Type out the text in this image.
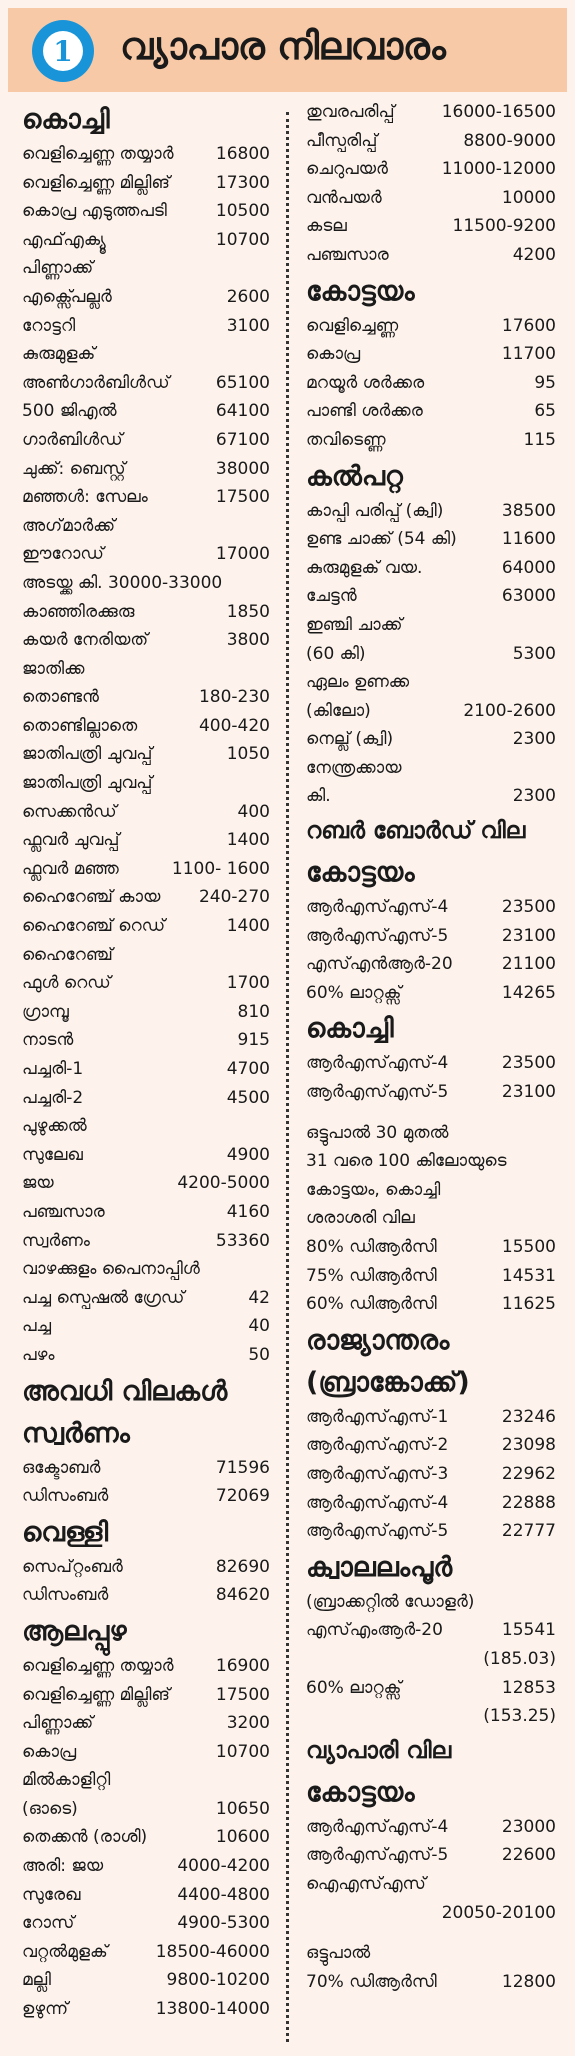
1 വ്യാപാര നിലവാരം
കൊച്ചി
വെളിച്ചെണ്ണ തയ്യാർ	16800
വെളിച്ചെണ്ണ മില്ലിങ്	17300
കൊപ്ര എടുത്തപടി	10500
എഫ്എക്യൂ	10700
പിണ്ണാക്ക്
എക്സ്പെല്ലർ	2600
റോട്ടറി	3100
കുരുമുളക്
അൺഗാർബിൾഡ്	65100
500 ജിഎൽ	64100
ഗാർബിൾഡ്	67100
ചുക്ക്: ബെസ്റ്റ്	38000
മഞ്ഞൾ: സേലം	17500
അഗ്‌മാർക്ക്
ഈറോഡ്	17000
അടയ്ക്ക കി. 30000-33000
കാഞ്ഞിരക്കുരു	1850
കയർ നേരിയത്	3800
ജാതിക്ക
തൊണ്ടൻ	180-230
തൊണ്ടില്ലാതെ	400-420
ജാതിപത്രി ചുവപ്പ്	1050
ജാതിപത്രി ചുവപ്പ്
സെക്കൻഡ്	400
ഫ്ലവർ ചുവപ്പ്	1400
ഫ്ലവർ മഞ്ഞ	1100- 1600
ഹൈറേഞ്ച് കായ	240-270
ഹൈറേഞ്ച് റെഡ്	1400
ഹൈറേഞ്ച്
ഫുൾ റെഡ്	1700
ഗ്രാമ്പൂ	810
നാടൻ	915
പച്ചരി-1	4700
പച്ചരി-2	4500
പുഴുക്കൽ
സുലേഖ	4900
ജയ	4200-5000
പഞ്ചസാര	4160
സ്വർണം	53360
വാഴക്കുളം പൈനാപ്പിൾ
പച്ച സ്പെഷൽ ഗ്രേഡ്	42
പച്ച	40
പഴം	50
അവധി വിലകൾ
സ്വർണം
ഒക്ടോബർ	71596
ഡിസംബർ	72069
വെള്ളി
സെപ്റ്റംബർ	82690
ഡിസംബർ	84620
ആലപ്പുഴ
വെളിച്ചെണ്ണ തയ്യാർ	16900
വെളിച്ചെണ്ണ മില്ലിങ്	17500
പിണ്ണാക്ക്	3200
കൊപ്ര	10700
മിൽകാളിറ്റി
(ഓടെ)	10650
തെക്കൻ (രാശി)	10600
അരി: ജയ	4000-4200
സുരേഖ	4400-4800
റോസ്	4900-5300
വറ്റൽമുളക്	18500-46000
മല്ലി	9800-10200
ഉഴുന്ന്	13800-14000
തുവരപരിപ്പ്	16000-16500
പീസ്പരിപ്പ്	8800-9000
ചെറുപയർ	11000-12000
വൻപയർ	10000
കടല	11500-9200
പഞ്ചസാര	4200
കോട്ടയം
വെളിച്ചെണ്ണ	17600
കൊപ്ര	11700
മറയൂർ ശർക്കര	95
പാണ്ടി ശർക്കര	65
തവിടെണ്ണ	115
കൽപറ്റ
കാപ്പി പരിപ്പ് (ക്വി)	38500
ഉണ്ട ചാക്ക് (54 കി)	11600
കുരുമുളക് വയ.	64000
ചേട്ടൻ	63000
ഇഞ്ചി ചാക്ക്
(60 കി)	5300
ഏലം ഉണക്ക
(കിലോ)	2100-2600
നെല്ല് (ക്വി)	2300
നേന്ത്രക്കായ
കി.	2300
റബർ ബോർഡ് വില
കോട്ടയം
ആർഎസ്എസ്-4	23500
ആർഎസ്എസ്-5	23100
എസ്എൻആർ-20	21100
60% ലാറ്റക്സ്	14265
കൊച്ചി
ആർഎസ്എസ്-4	23500
ആർഎസ്എസ്-5	23100
ഒട്ടുപാൽ 30 മുതൽ
31 വരെ 100 കിലോയുടെ
കോട്ടയം, കൊച്ചി
ശരാശരി വില
80% ഡിആർസി	15500
75% ഡിആർസി	14531
60% ഡിആർസി	11625
രാജ്യാന്തരം
(ബ്രാങ്കോക്ക്)
ആർഎസ്എസ്-1	23246
ആർഎസ്എസ്-2	23098
ആർഎസ്എസ്-3	22962
ആർഎസ്എസ്-4	22888
ആർഎസ്എസ്-5	22777
ക്വാലലംപൂർ
(ബ്രാക്കറ്റിൽ ഡോളർ)
എസ്എംആർ-20	15541
(185.03)
60% ലാറ്റക്സ്	12853
(153.25)
വ്യാപാരി വില
കോട്ടയം
ആർഎസ്എസ്-4	23000
ആർഎസ്എസ്-5	22600
ഐഎസ്എസ്
20050-20100
ഒട്ടുപാൽ
70% ഡിആർസി	12800
